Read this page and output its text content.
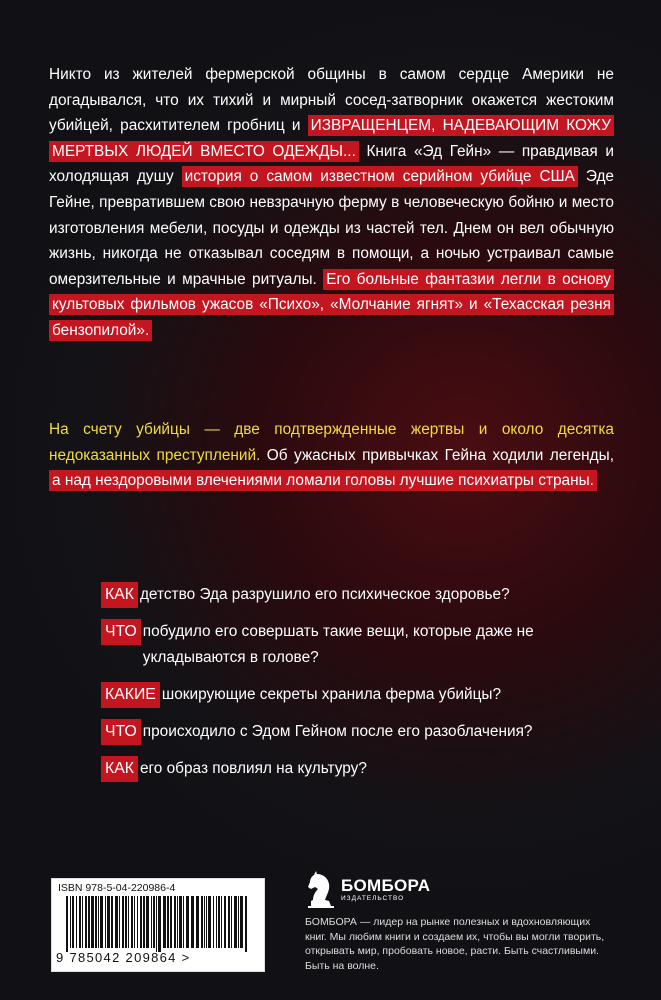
Никто из жителей фермерской общины в самом сердце Америки не догадывался, что их тихий и мирный сосед-затворник окажется жестоким убийцей, расхитителем гробниц и ИЗВРАЩЕНЦЕМ, НАДЕВАЮЩИМ КОЖУ МЕРТВЫХ ЛЮДЕЙ ВМЕСТО ОДЕЖДЫ... Книга «Эд Гейн» — правдивая и холодящая душу история о самом известном серийном убийце США Эде Гейне, превратившем свою невзрачную ферму в человеческую бойню и место изготовления мебели, посуды и одежды из частей тел. Днем он вел обычную жизнь, никогда не отказывал соседям в помощи, а ночью устраивал самые омерзительные и мрачные ритуалы. Его больные фантазии легли в основу культовых фильмов ужасов «Психо», «Молчание ягнят» и «Техасская резня бензопилой».
На счету убийцы — две подтвержденные жертвы и около десятка недоказанных преступлений. Об ужасных привычках Гейна ходили легенды, а над нездоровыми влечениями ломали головы лучшие психиатры страны.
КАК детство Эда разрушило его психическое здоровье?
ЧТО побудило его совершать такие вещи, которые даже не укладываются в голове?
КАКИЕ шокирующие секреты хранила ферма убийцы?
ЧТО происходило с Эдом Гейном после его разоблачения?
КАК его образ повлиял на культуру?
ISBN 978-5-04-220986-4
9 785042 209864 >
БОМБОРА
ИЗДАТЕЛЬСТВО
БОМБОРА — лидер на рынке полезных и вдохновляющих книг. Мы любим книги и создаем их, чтобы вы могли творить, открывать мир, пробовать новое, расти. Быть счастливыми. Быть на волне.
